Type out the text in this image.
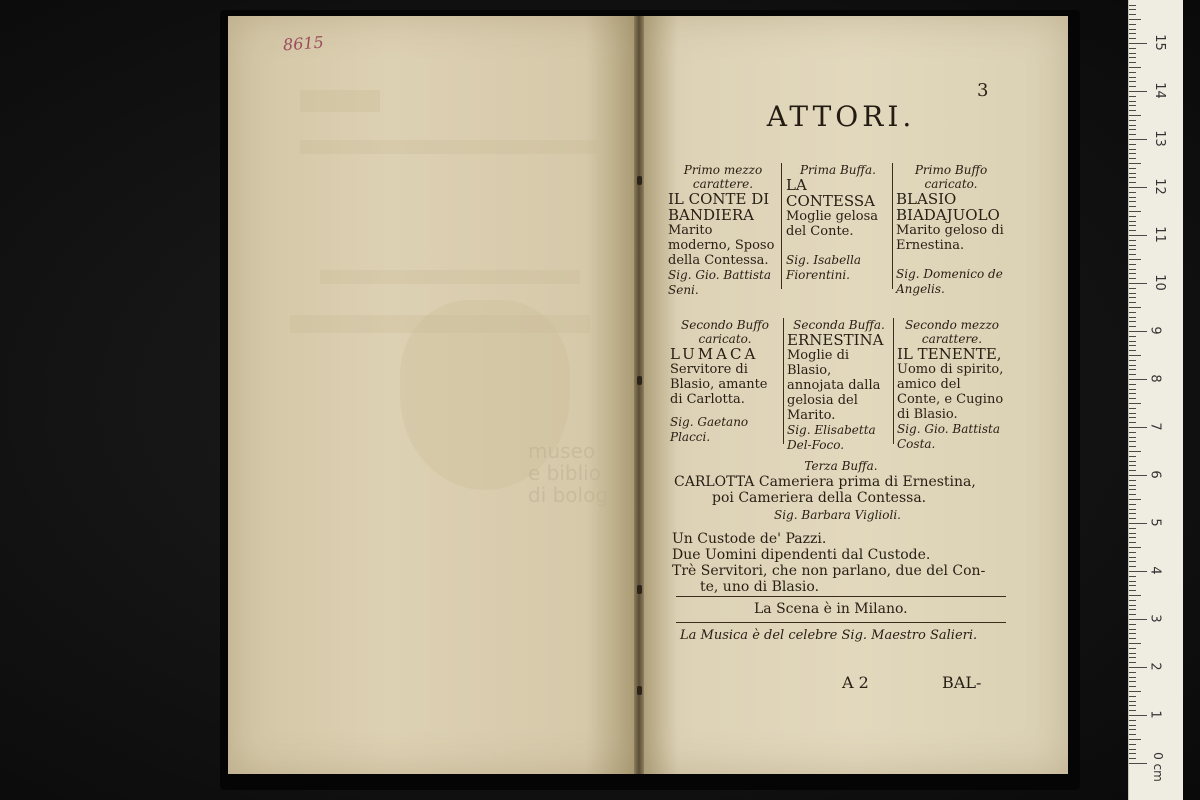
8615
museo
e biblio
di bolog
3
ATTORI.
Primo mezzo carattere.
IL CONTE DI BANDIERA
Marito moderno, Sposo della Contessa.
Sig. Gio. Battista Seni.
Prima Buffa.
LA CONTESSA
Moglie gelosa del Conte.
Sig. Isabella Fiorentini.
Primo Buffo caricato.
BLASIO BIADAJUOLO
Marito geloso di Ernestina.
Sig. Domenico de Angelis.
Secondo Buffo caricato.
LUMACA
Servitore di Blasio, amante di Carlotta.
Sig. Gaetano Placci.
Seconda Buffa.
ERNESTINA
Moglie di Blasio, annojata dalla gelosia del Marito.
Sig. Elisabetta Del-Foco.
Secondo mezzo carattere.
IL TENENTE,
Uomo di spirito, amico del Conte, e Cugino di Blasio.
Sig. Gio. Battista Costa.
Terza Buffa.
CARLOTTA Cameriera prima di Ernestina,
poi Cameriera della Contessa.
Sig. Barbara Viglioli.
Un Custode de' Pazzi.
Due Uomini dipendenti dal Custode.
Trè Servitori, che non parlano, due del Con-
te, uno di Blasio.
La Scena è in Milano.
La Musica è del celebre Sig. Maestro Salieri.
A 2	BAL-
1
2
3
4
5
6
7
8
9
10
11
12
13
14
15
0 cm
